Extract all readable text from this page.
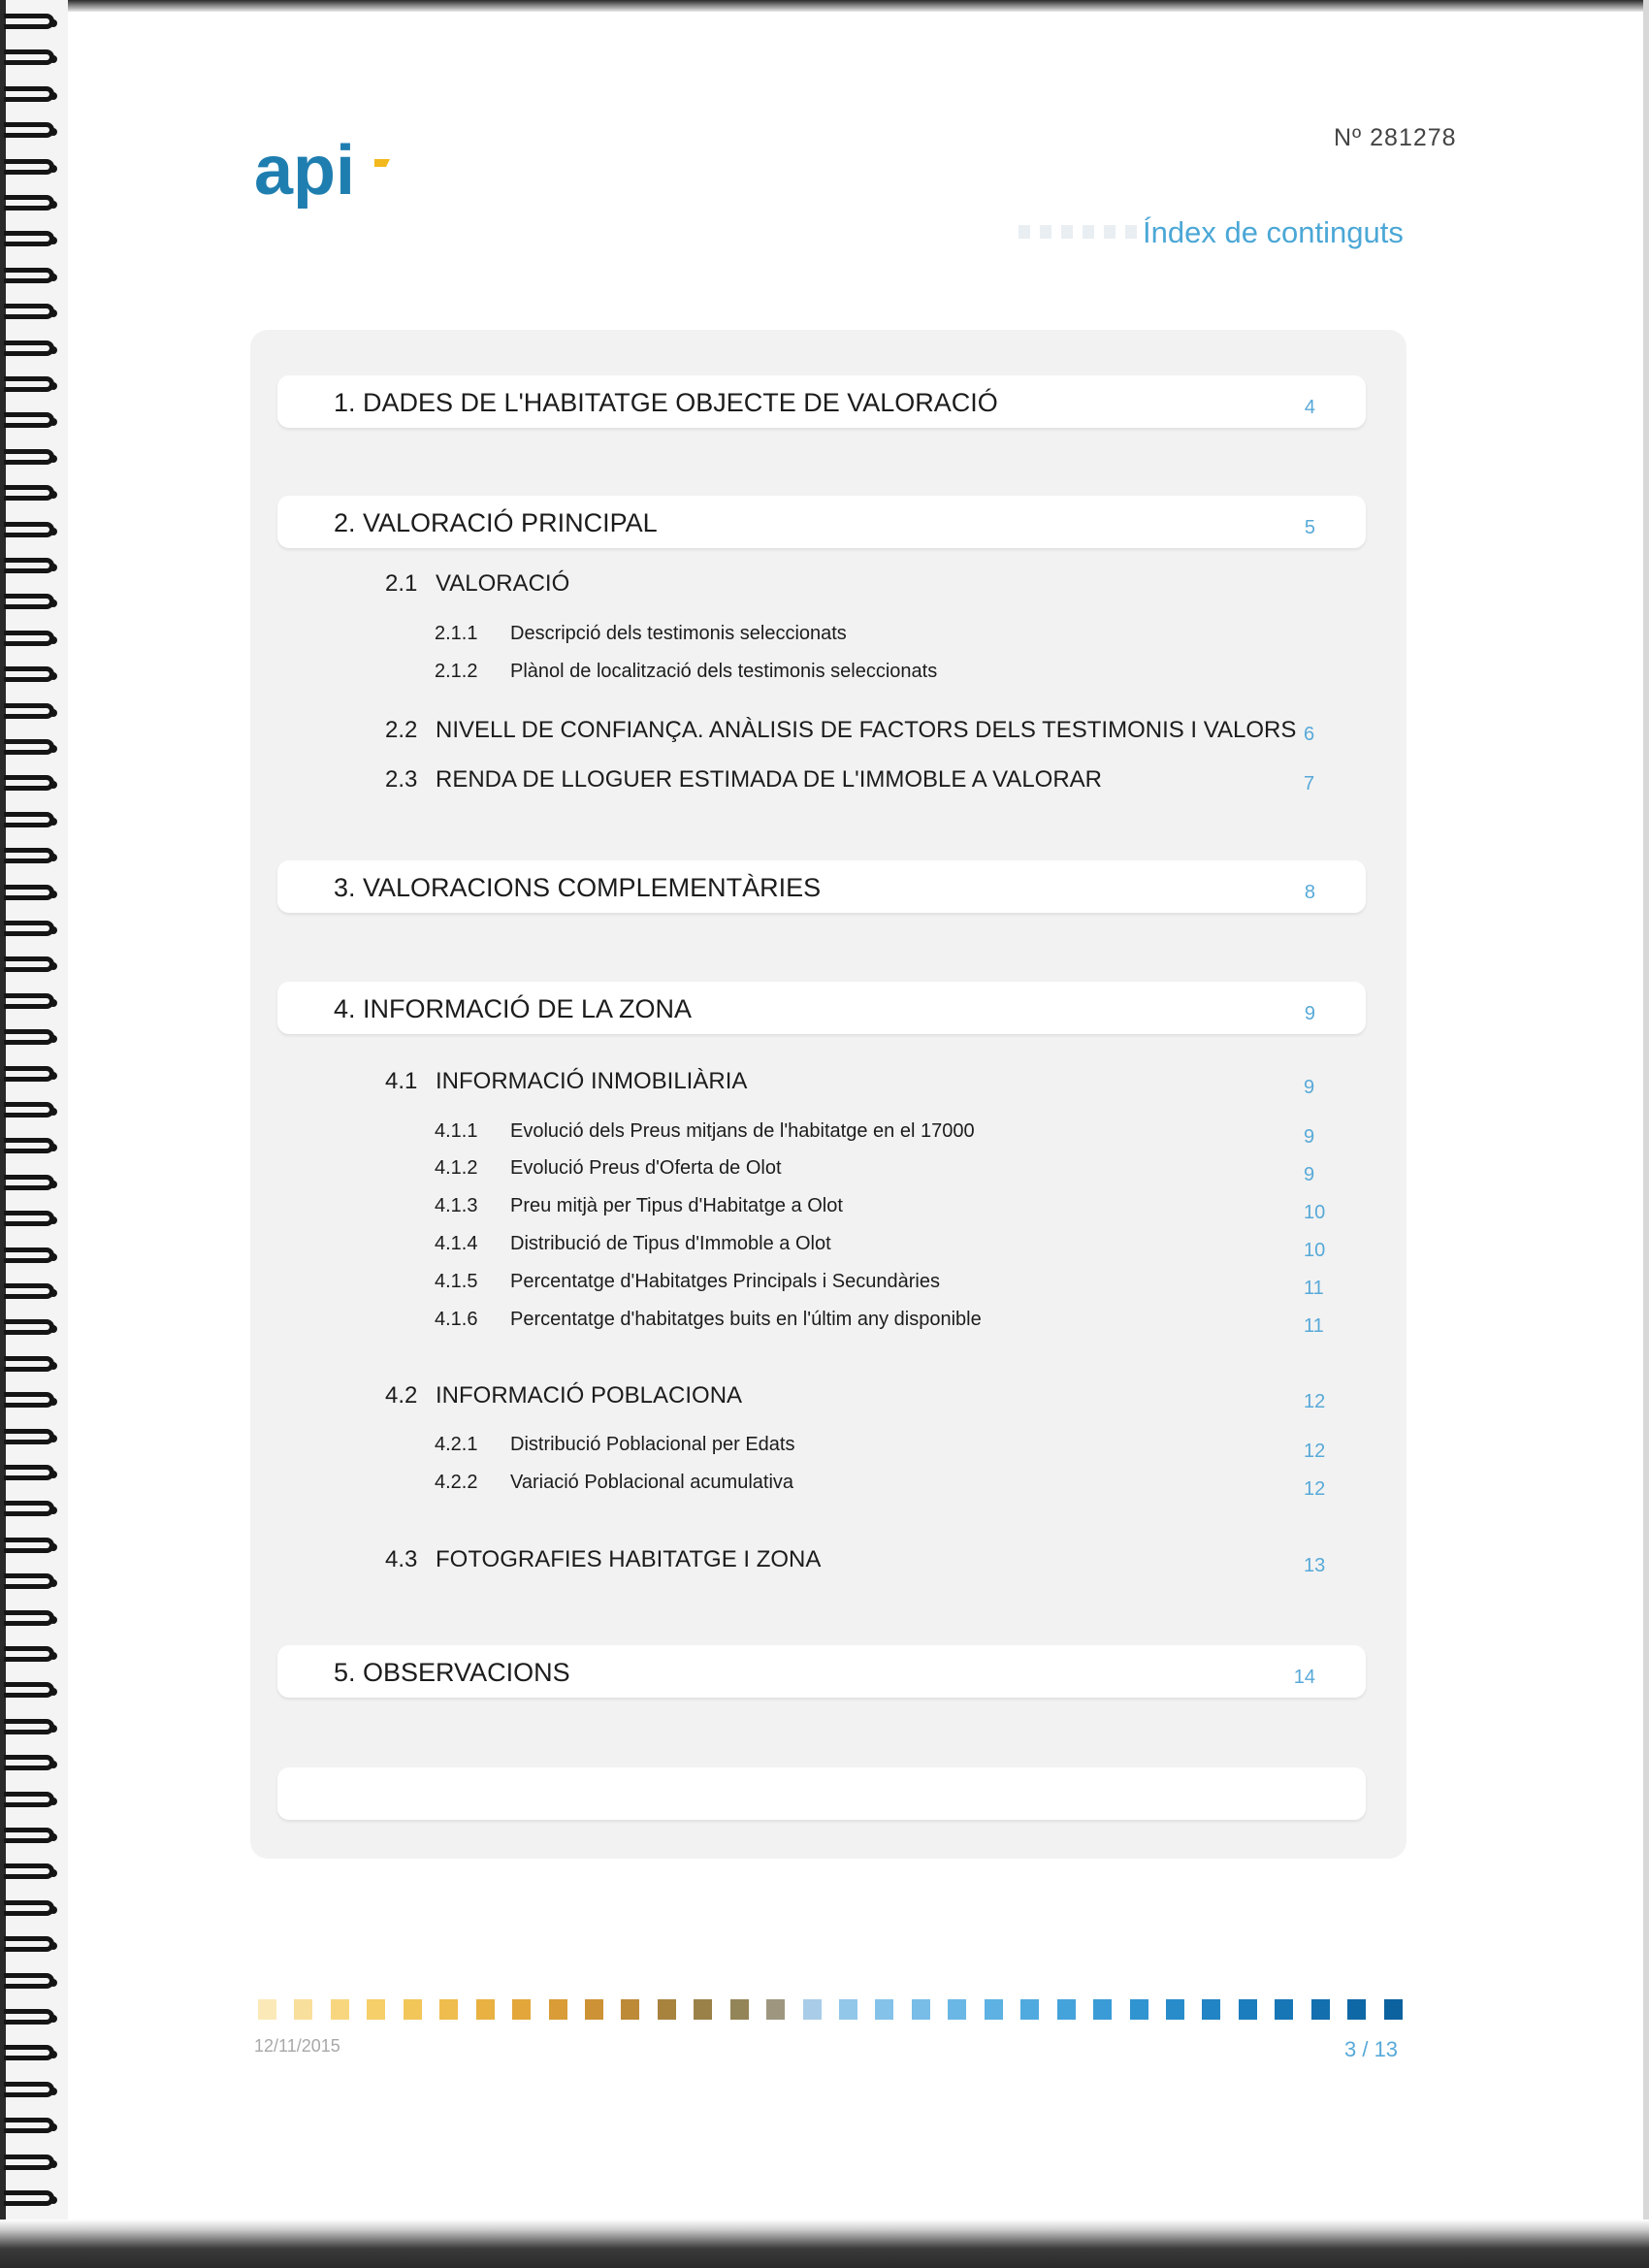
api	Nº 281278
Índex de continguts
1. DADES DE L'HABITATGE OBJECTE DE VALORACIÓ	4
2. VALORACIÓ PRINCIPAL	5
2.1 VALORACIÓ
2.1.1 Descripció dels testimonis seleccionats
2.1.2 Plànol de localització dels testimonis seleccionats
2.2 NIVELL DE CONFIANÇA. ANÀLISIS DE FACTORS DELS TESTIMONIS I VALORS 6
2.3 RENDA DE LLOGUER ESTIMADA DE L'IMMOBLE A VALORAR	7
3. VALORACIONS COMPLEMENTÀRIES	8
4. INFORMACIÓ DE LA ZONA	9
4.1 INFORMACIÓ INMOBILIÀRIA	9
4.1.1 Evolució dels Preus mitjans de l'habitatge en el 17000	9
4.1.2 Evolució Preus d'Oferta de Olot	9
4.1.3 Preu mitjà per Tipus d'Habitatge a Olot	10
4.1.4 Distribució de Tipus d'Immoble a Olot	10
4.1.5 Percentatge d'Habitatges Principals i Secundàries	11
4.1.6 Percentatge d'habitatges buits en l'últim any disponible	11
4.2 INFORMACIÓ POBLACIONA	12
4.2.1 Distribució Poblacional per Edats	12
4.2.2 Variació Poblacional acumulativa	12
4.3 FOTOGRAFIES HABITATGE I ZONA	13
5. OBSERVACIONS	14
12/11/2015	3 / 13
